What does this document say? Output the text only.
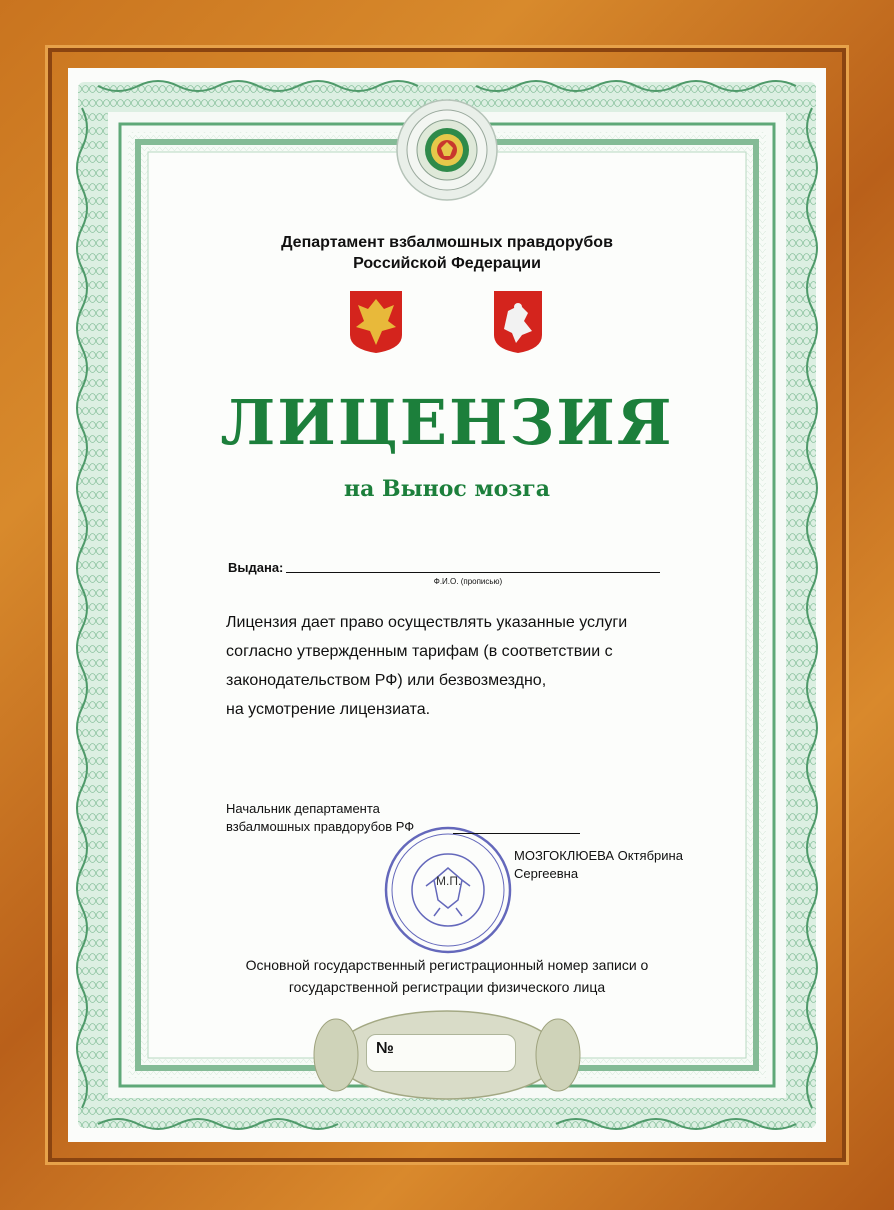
Департамент взбалмошных правдорубов
Российской Федерации
ЛИЦЕНЗИЯ
на Вынос мозга
Выдана:
Ф.И.О. (прописью)
Лицензия дает право осуществлять указанные услуги
согласно утвержденным тарифам (в соответствии с
законодательством РФ) или безвозмездно,
на усмотрение лицензиата.
Начальник департамента
взбалмошных правдорубов РФ
МОЗГОКЛЮЕВА Октябрина
Сергеевна
М.П.
Основной государственный регистрационный номер записи о
государственной регистрации физического лица
№
